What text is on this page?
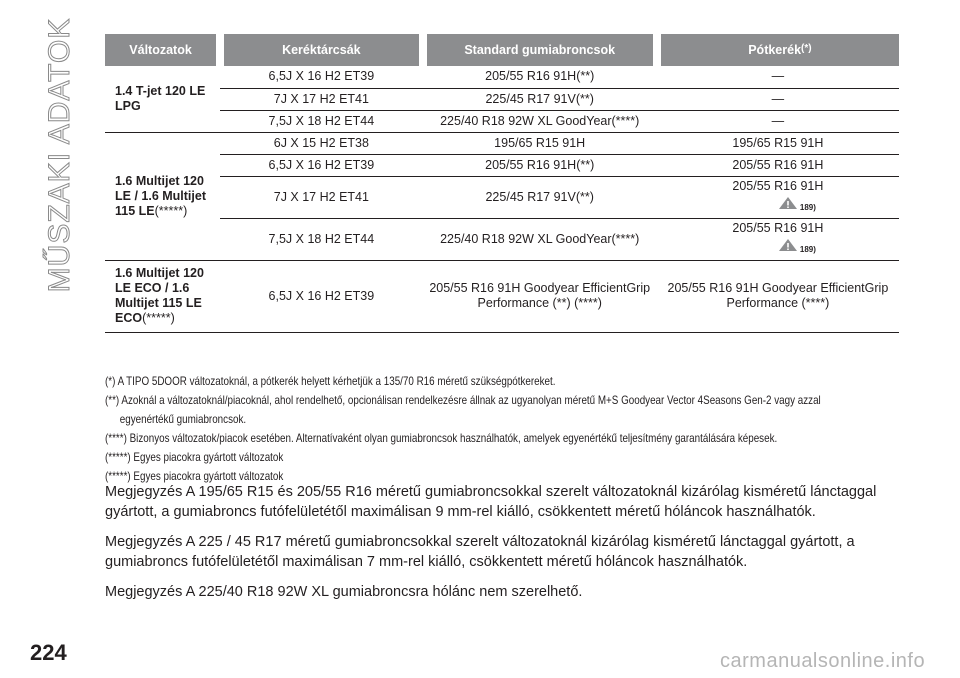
MŰSZAKI ADATOK	Változatok	Keréktárcsák	Standard gumiabroncsok	Pótkerék(*)
1.4 T-jet 120 LE LPG	6,5J X 16 H2 ET39	205/55 R16 91H(**)	—

	7J X 17 H2 ET41	225/45 R17 91V(**)	—

	7,5J X 18 H2 ET44	225/40 R18 92W XL GoodYear(****)	—

1.6 Multijet 120 LE / 1.6 Multijet 115 LE(*****)	6J X 15 H2 ET38	195/65 R15 91H	195/65 R15 91H

	6,5J X 16 H2 ET39	205/55 R16 91H(**)	205/55 R16 91H

	7J X 17 H2 ET41	225/45 R17 91V(**)	205/55 R16 91H
189)

	7,5J X 18 H2 ET44	225/40 R18 92W XL GoodYear(****)	205/55 R16 91H
189)

1.6 Multijet 120 LE ECO / 1.6 Multijet 115 LE ECO(*****)	6,5J X 16 H2 ET39	205/55 R16 91H Goodyear EfficientGrip Performance (**) (****)	205/55 R16 91H Goodyear EfficientGrip Performance (****)
(*) A TIPO 5DOOR változatoknál, a pótkerék helyett kérhetjük a 135/70 R16 méretű szükségpótkereket.
(**) Azoknál a változatoknál/piacoknál, ahol rendelhető, opcionálisan rendelkezésre állnak az ugyanolyan méretű M+S Goodyear Vector 4Seasons Gen-2 vagy azzal
egyenértékű gumiabroncsok.
(****) Bizonyos változatok/piacok esetében. Alternatívaként olyan gumiabroncsok használhatók, amelyek egyenértékű teljesítmény garantálására képesek.
(*****) Egyes piacokra gyártott változatok
(*****) Egyes piacokra gyártott változatok

Megjegyzés A 195/65 R15 és 205/55 R16 méretű gumiabroncsokkal szerelt változatoknál kizárólag kisméretű lánctaggal gyártott, a gumiabroncs futófelületétől maximálisan 9 mm-rel kiálló, csökkentett méretű hóláncok használhatók.

Megjegyzés A 225 / 45 R17 méretű gumiabroncsokkal szerelt változatoknál kizárólag kisméretű lánctaggal gyártott, a gumiabroncs futófelületétől maximálisan 7 mm-rel kiálló, csökkentett méretű hóláncok használhatók.

Megjegyzés A 225/40 R18 92W XL gumiabroncsra hólánc nem szerelhető.

224	carmanualsonline.info
